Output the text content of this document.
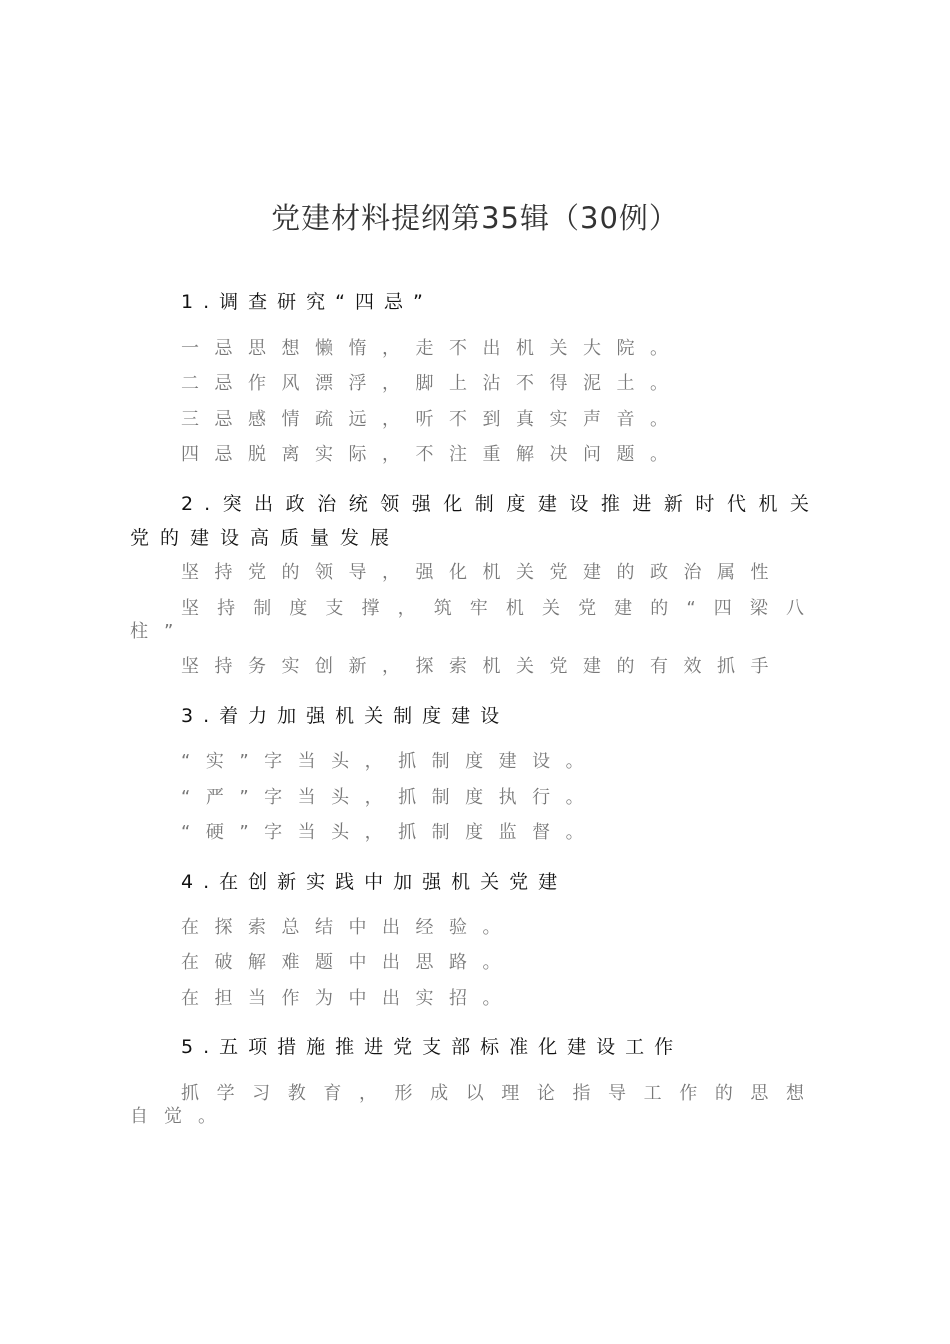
党建材料提纲第35辑（30例）
1.调查研究“四忌”
一忌思想懒惰，走不出机关大院。
二忌作风漂浮，脚上沾不得泥土。
三忌感情疏远，听不到真实声音。
四忌脱离实际，不注重解决问题。
2.突出政治统领强化制度建设推进新时代机关党的建设高质量发展
坚持党的领导，强化机关党建的政治属性
坚持制度支撑，筑牢机关党建的“四梁八柱”
坚持务实创新，探索机关党建的有效抓手
3.着力加强机关制度建设
“实”字当头，抓制度建设。
“严”字当头，抓制度执行。
“硬”字当头，抓制度监督。
4.在创新实践中加强机关党建
在探索总结中出经验。
在破解难题中出思路。
在担当作为中出实招。
5.五项措施推进党支部标准化建设工作
抓学习教育，形成以理论指导工作的思想自觉。
